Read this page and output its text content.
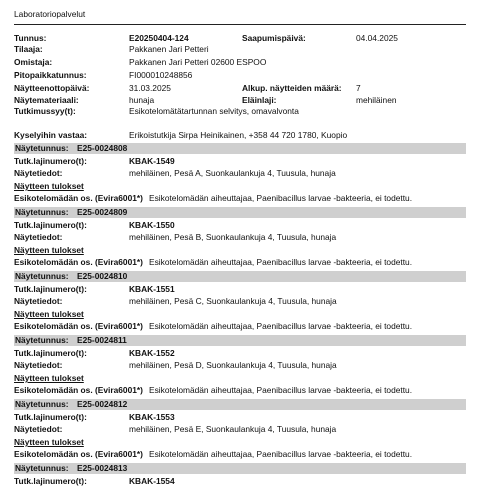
Laboratoriopalvelut
Tunnus:	E20250404-124	Saapumispäivä:	04.04.2025
Tilaaja:	Pakkanen Jari Petteri
Omistaja:	Pakkanen Jari Petteri 02600 ESPOO
Pitopaikkatunnus:	FI000010248856
Näytteenottopäivä:	31.03.2025	Alkup. näytteiden määrä: 7
Näytemateriaali:	hunaja	Eläinlaji:	mehiläinen
Tutkimussyy(t):	Esikotelomätätartunnan selvitys, omavalvonta
Kyselyihin vastaa:	Erikoistutkija Sirpa Heinikainen, +358 44 720 1780, Kuopio
Näytetunnus: E25-0024808
Tutk.lajinumero(t):	KBAK-1549
Näytetiedot:	mehiläinen, Pesä A, Suonkaulankuja 4, Tuusula, hunaja
Näytteen tulokset
Esikotelomädän os. (Evira6001*) Esikotelomädän aiheuttajaa, Paenibacillus larvae -bakteeria, ei todettu.
Näytetunnus: E25-0024809
Tutk.lajinumero(t):	KBAK-1550
Näytetiedot:	mehiläinen, Pesä B, Suonkaulankuja 4, Tuusula, hunaja
Näytteen tulokset
Esikotelomädän os. (Evira6001*) Esikotelomädän aiheuttajaa, Paenibacillus larvae -bakteeria, ei todettu.
Näytetunnus: E25-0024810
Tutk.lajinumero(t):	KBAK-1551
Näytetiedot:	mehiläinen, Pesä C, Suonkaulankuja 4, Tuusula, hunaja
Näytteen tulokset
Esikotelomädän os. (Evira6001*) Esikotelomädän aiheuttajaa, Paenibacillus larvae -bakteeria, ei todettu.
Näytetunnus: E25-0024811
Tutk.lajinumero(t):	KBAK-1552
Näytetiedot:	mehiläinen, Pesä D, Suonkaulankuja 4, Tuusula, hunaja
Näytteen tulokset
Esikotelomädän os. (Evira6001*) Esikotelomädän aiheuttajaa, Paenibacillus larvae -bakteeria, ei todettu.
Näytetunnus: E25-0024812
Tutk.lajinumero(t):	KBAK-1553
Näytetiedot:	mehiläinen, Pesä E, Suonkaulankuja 4, Tuusula, hunaja
Näytteen tulokset
Esikotelomädän os. (Evira6001*) Esikotelomädän aiheuttajaa, Paenibacillus larvae -bakteeria, ei todettu.
Näytetunnus: E25-0024813
Tutk.lajinumero(t):	KBAK-1554
